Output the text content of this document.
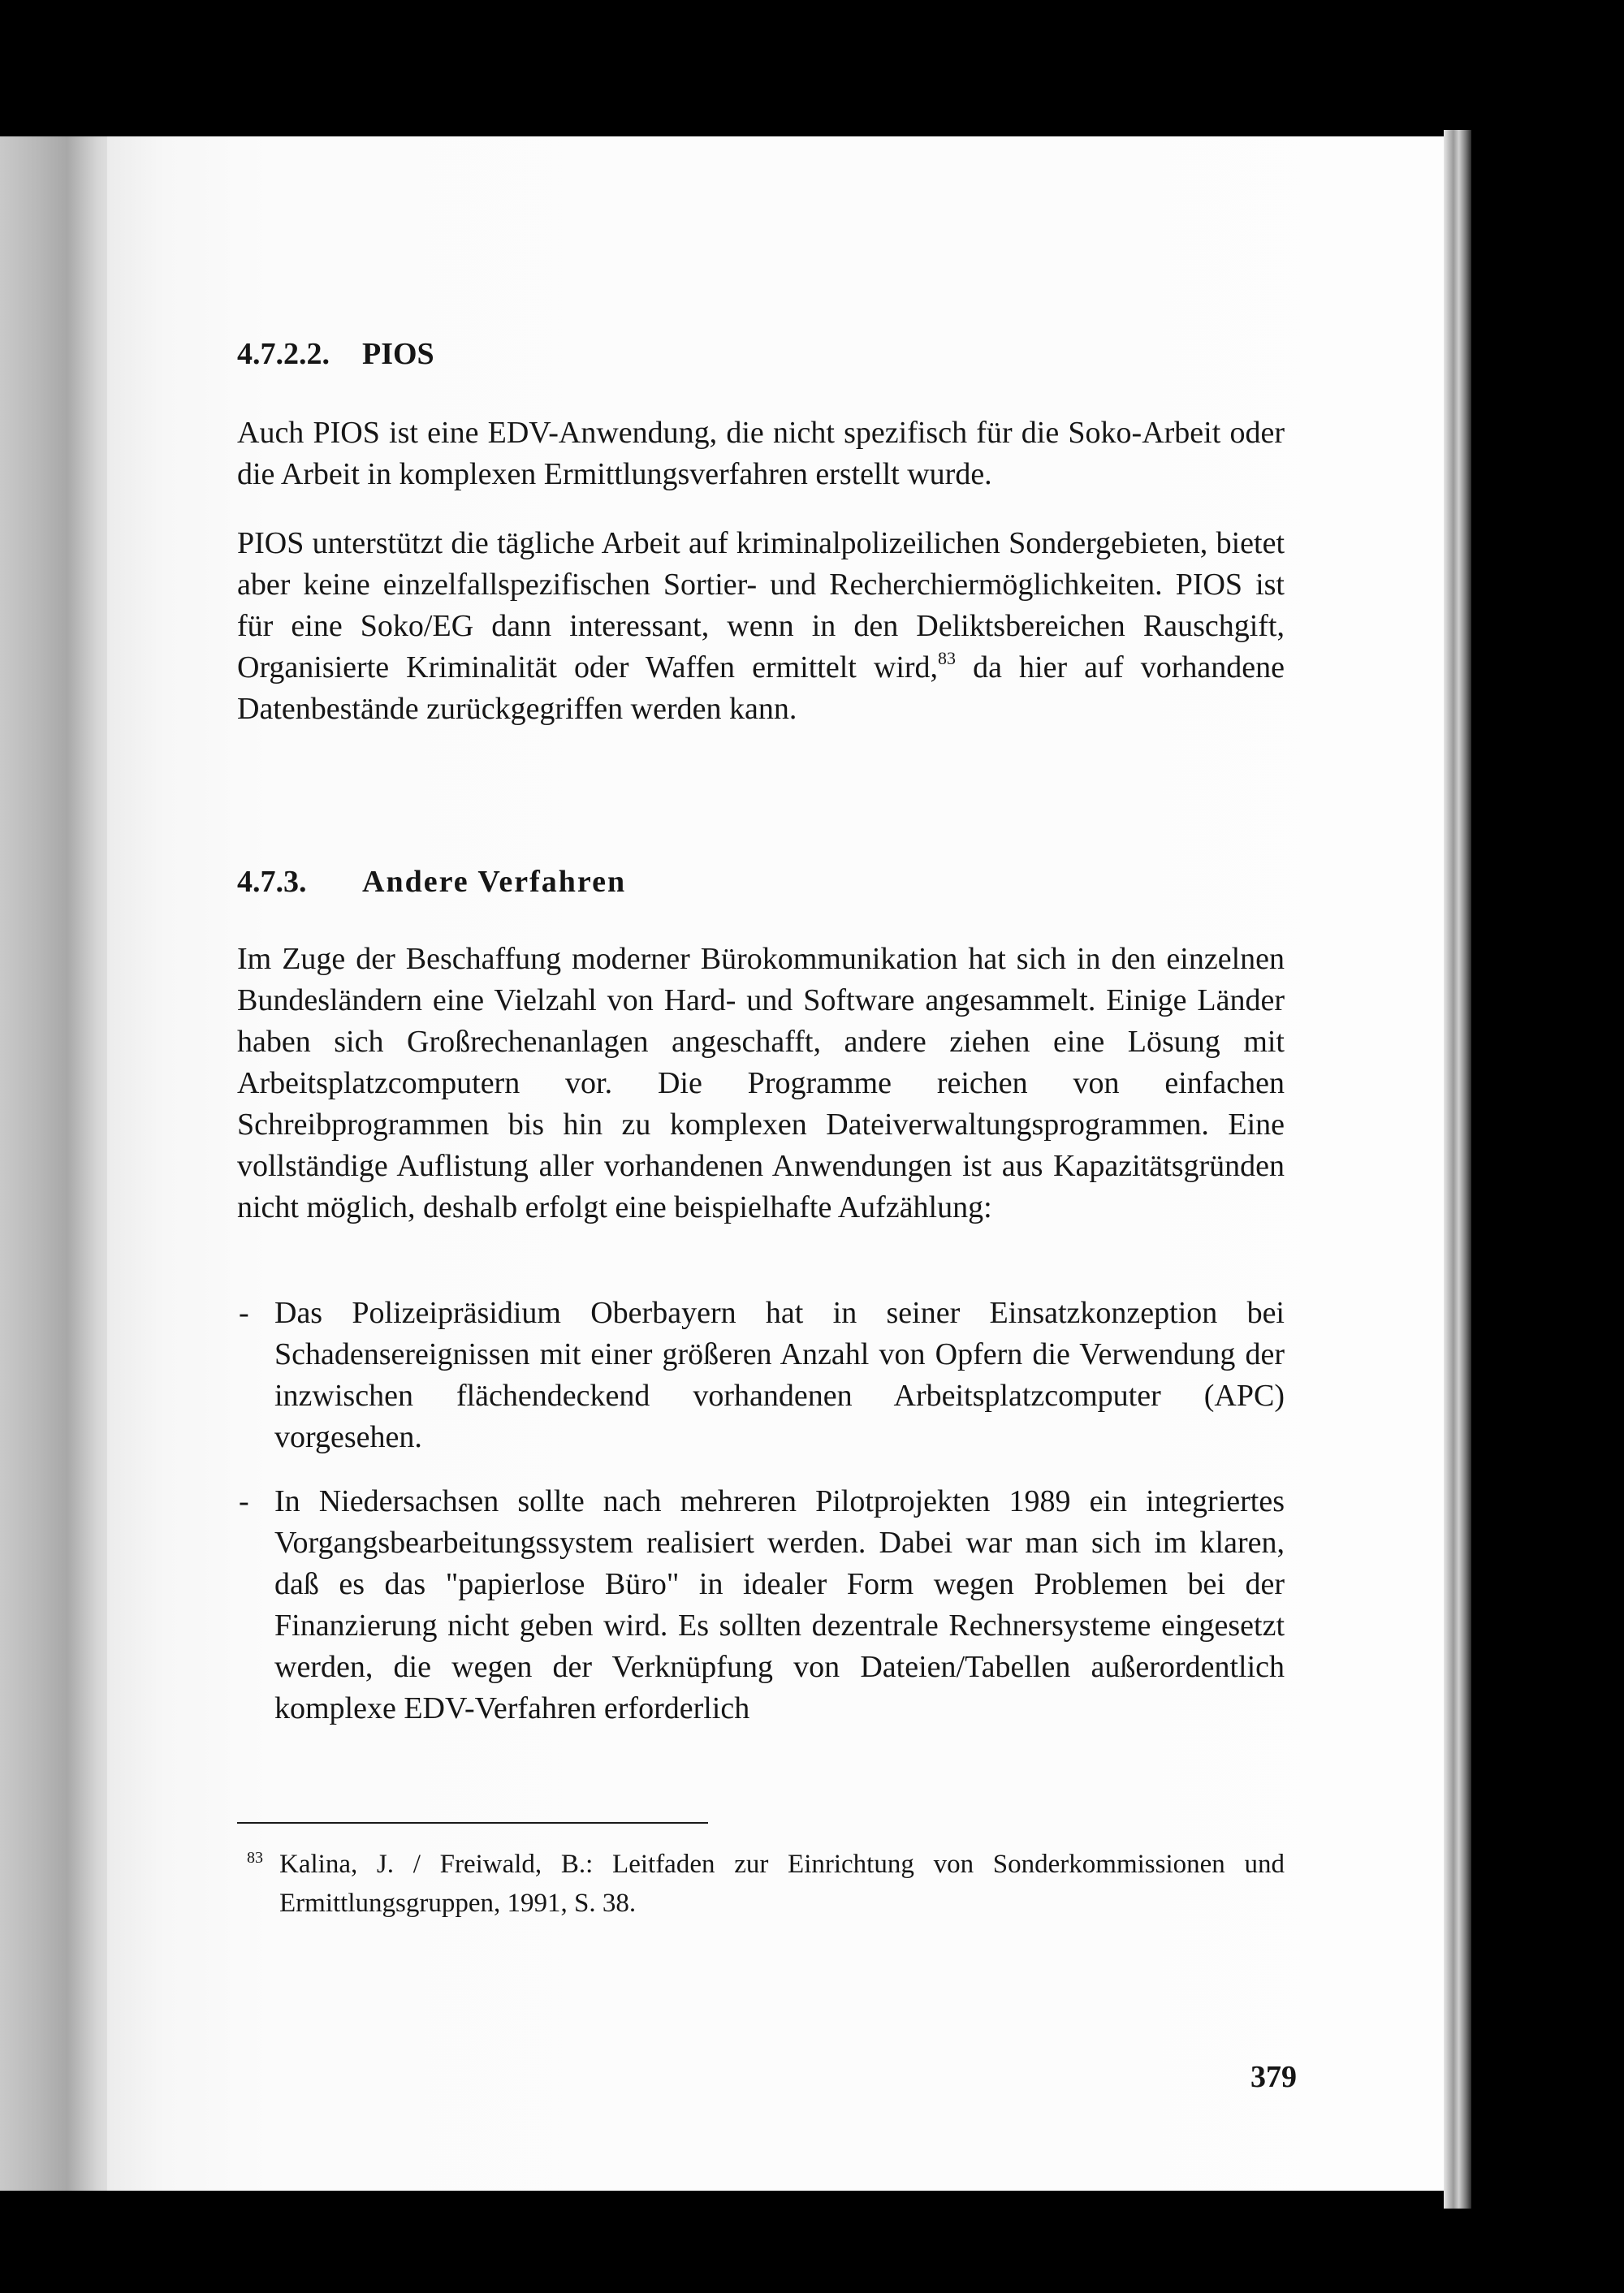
4.7.2.2. PIOS

Auch PIOS ist eine EDV-Anwendung, die nicht spezifisch für die Soko-Arbeit oder die Arbeit in komplexen Ermittlungsverfahren erstellt wurde.

PIOS unterstützt die tägliche Arbeit auf kriminalpolizeilichen Sondergebieten, bietet aber keine einzelfallspezifischen Sortier- und Recherchiermöglichkeiten. PIOS ist für eine Soko/EG dann interessant, wenn in den Deliktsbereichen Rauschgift, Organisierte Kriminalität oder Waffen ermittelt wird,$^{83}$ da hier auf vorhandene Datenbestände zurückgegriffen werden kann.

4.7.3. Andere Verfahren

Im Zuge der Beschaffung moderner Bürokommunikation hat sich in den einzelnen Bundesländern eine Vielzahl von Hard- und Software angesammelt. Einige Länder haben sich Großrechenanlagen angeschafft, andere ziehen eine Lösung mit Arbeitsplatzcomputern vor. Die Programme reichen von einfachen Schreibprogrammen bis hin zu komplexen Dateiverwaltungsprogrammen. Eine vollständige Auflistung aller vorhandenen Anwendungen ist aus Kapazitätsgründen nicht möglich, deshalb erfolgt eine beispielhafte Aufzählung:

- Das Polizeipräsidium Oberbayern hat in seiner Einsatzkonzeption bei Schadensereignissen mit einer größeren Anzahl von Opfern die Verwendung der inzwischen flächendeckend vorhandenen Arbeitsplatzcomputer (APC) vorgesehen.
- In Niedersachsen sollte nach mehreren Pilotprojekten 1989 ein integriertes Vorgangsbearbeitungssystem realisiert werden. Dabei war man sich im klaren, daß es das "papierlose Büro" in idealer Form wegen Problemen bei der Finanzierung nicht geben wird. Es sollten dezentrale Rechnersysteme eingesetzt werden, die wegen der Verknüpfung von Dateien/Tabellen außerordentlich komplexe EDV-Verfahren erforderlich
83 Kalina, J. / Freiwald, B.: Leitfaden zur Einrichtung von Sonderkommissionen und Ermittlungsgruppen, 1991, S. 38.
379
